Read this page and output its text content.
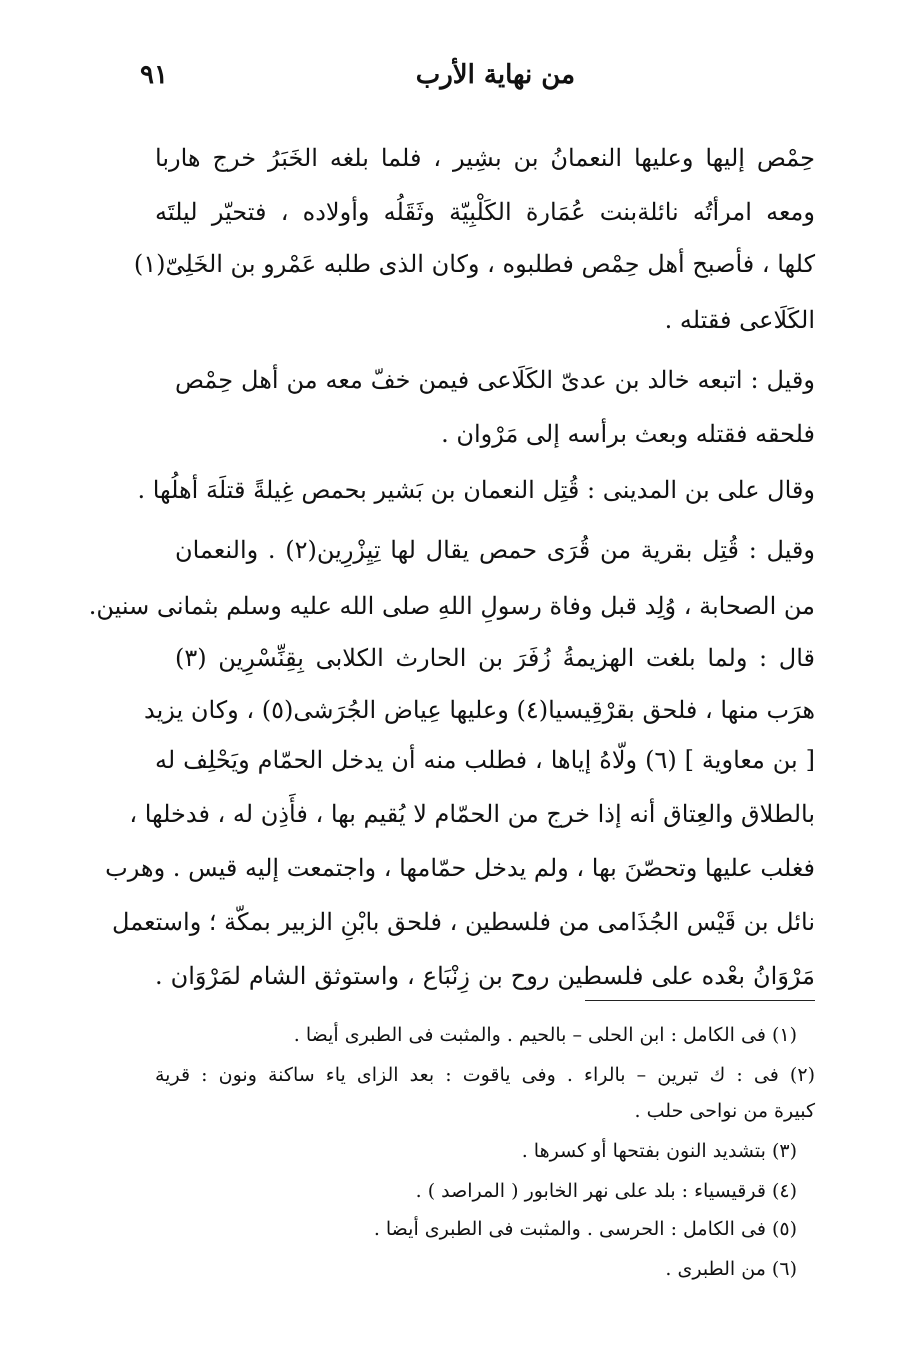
من نهاية الأرب
٩١
حِمْص إليها وعليها النعمانُ بن بشِير ، فلما بلغه الخَبَرُ خرج هاربا
ومعه امرأتُه نائلةبنت عُمَارة الكَلْبِيّة وثَقَلُه وأولاده ، فتحيّر ليلتَه
كلها ، فأصبح أهل حِمْص فطلبوه ، وكان الذى طلبه عَمْرو بن الخَلِىّ(١)
الكَلَاعى فقتله .
وقيل : اتبعه خالد بن عدىّ الكَلَاعى فيمن خفّ معه من أهل حِمْص
فلحقه فقتله وبعث برأسه إلى مَرْوان .
وقال على بن المدينى : قُتِل النعمان بن بَشير بحمص غِيلةً قتلَهَ أهلُها .
وقيل : قُتِل بقرية من قُرَى حمص يقال لها تِيِزْرِين(٢) . والنعمان
من الصحابة ، وُلِد قبل وفاة رسولِ اللهِ صلى الله عليه وسلم بثمانى سنين.
قال : ولما بلغت الهزيمةُ زُفَرَ بن الحارث الكلابى بِقِنِّسْرِين (٣)
هرَب منها ، فلحق بقرْقِيسيا(٤) وعليها عِياض الجُرَشى(٥) ، وكان يزيد
[ بن معاوية ] (٦) ولّاهُ إياها ، فطلب منه أن يدخل الحمّام ويَحْلِف له
بالطلاق والعِتاق أنه إذا خرج من الحمّام لا يُقيم بها ، فأَذِن له ، فدخلها ،
فغلب عليها وتحصّنَ بها ، ولم يدخل حمّامها ، واجتمعت إليه قيس . وهرب
نائل بن قَيْس الجُذَامى من فلسطين ، فلحق بابْنِ الزبير بمكّة ؛ واستعمل
مَرْوَانُ بعْده على فلسطين روح بن زِنْبَاع ، واستوثق الشام لمَرْوَان .
(١) فى الكامل : ابن الحلى – بالحيم . والمثبت فى الطبرى أيضا .
(٢) فى : ك تبرين – بالراء . وفى ياقوت : بعد الزاى ياء ساكنة ونون : قرية
كبيرة من نواحى حلب .
(٣) بتشديد النون بفتحها أو كسرها .
(٤) قرقيسياء : بلد على نهر الخابور ( المراصد ) .
(٥) فى الكامل : الحرسى . والمثبت فى الطبرى أيضا .
(٦) من الطبرى .
